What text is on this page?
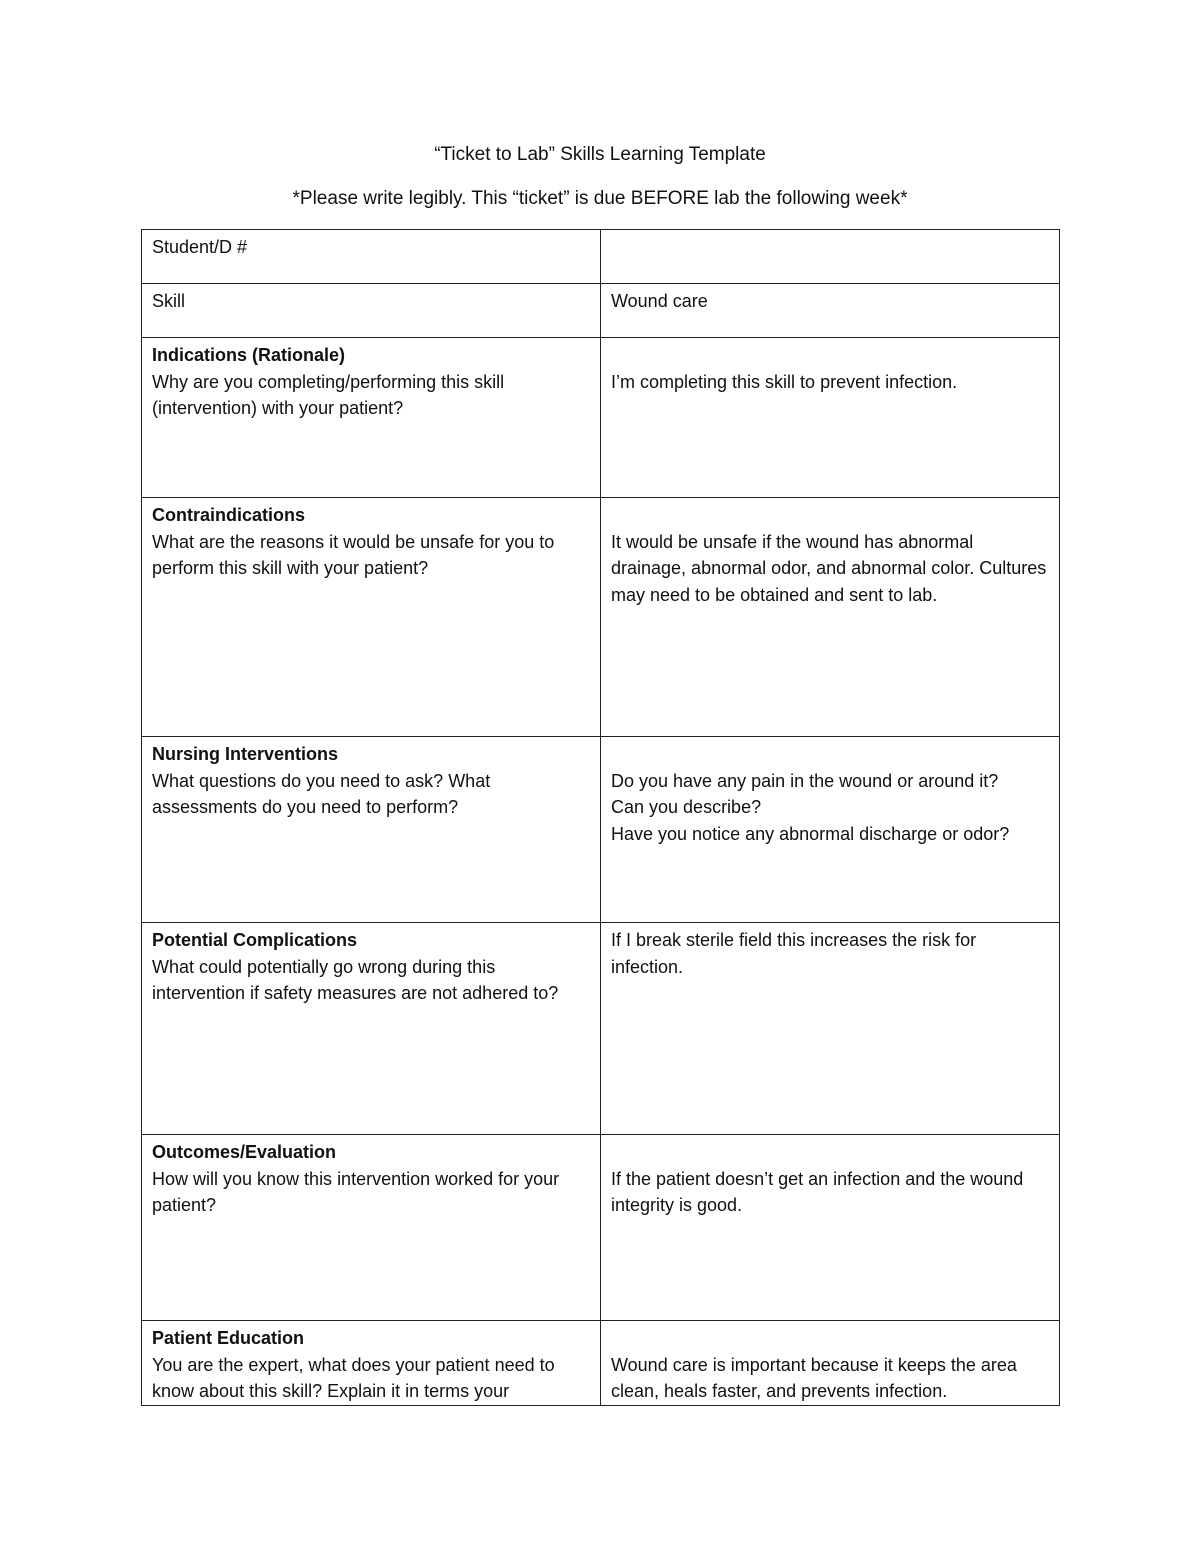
“Ticket to Lab” Skills Learning Template
*Please write legibly. This “ticket” is due BEFORE lab the following week*
Student/D #	
Skill	Wound care

Indications (Rationale)
Why are you completing/performing this skill (intervention) with your patient?	I’m completing this skill to prevent infection.

Contraindications
What are the reasons it would be unsafe for you to perform this skill with your patient?	It would be unsafe if the wound has abnormal drainage, abnormal odor, and abnormal color. Cultures may need to be obtained and sent to lab.

Nursing Interventions
What questions do you need to ask? What assessments do you need to perform?	Do you have any pain in the wound or around it?
Can you describe?
Have you notice any abnormal discharge or odor?

Potential Complications
What could potentially go wrong during this intervention if safety measures are not adhered to?	If I break sterile field this increases the risk for infection.

Outcomes/Evaluation
How will you know this intervention worked for your patient?	If the patient doesn’t get an infection and the wound integrity is good.

Patient Education
You are the expert, what does your patient need to know about this skill? Explain it in terms your	Wound care is important because it keeps the area clean, heals faster, and prevents infection.
